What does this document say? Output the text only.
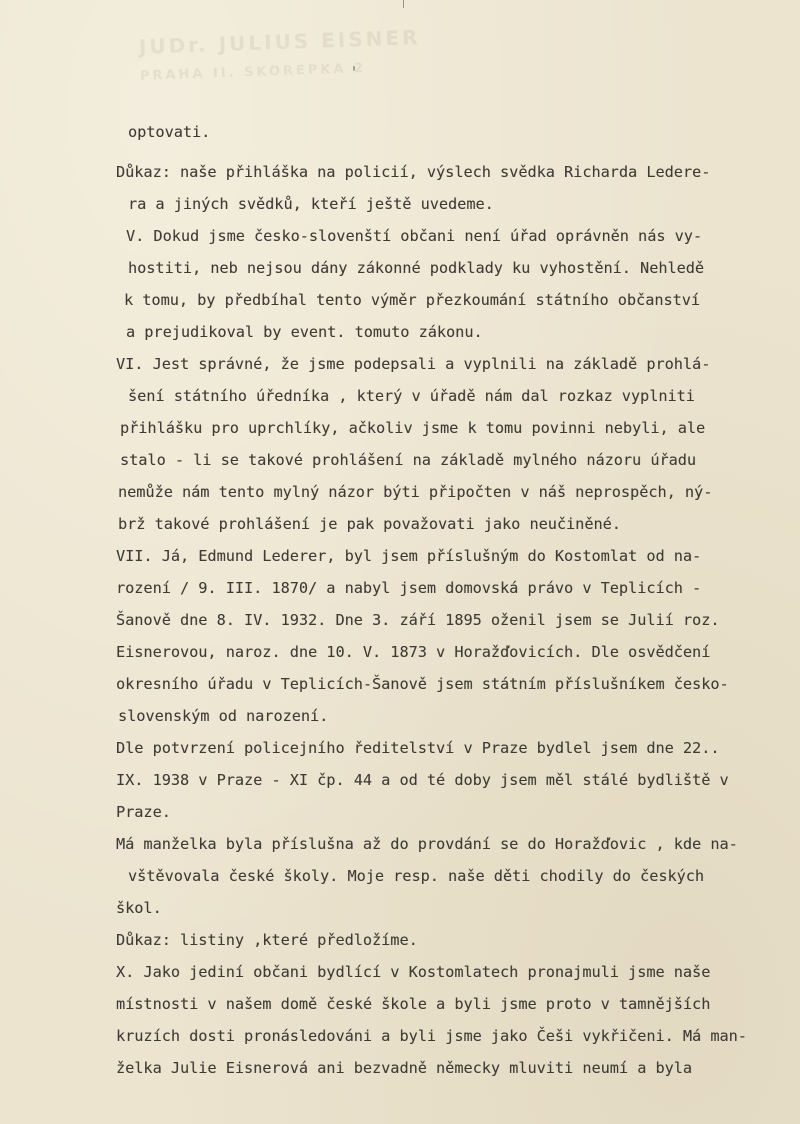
JUDr. JULIUS EISNER
PRAHA II. SKOREPKA 2
optovati.
Důkaz: naše přihláška na policií, výslech svědka Richarda Ledere-
ra a jiných svědků, kteří ještě uvedeme.
V. Dokud jsme česko-slovenští občani není úřad oprávněn nás vy-
hostiti, neb nejsou dány zákonné podklady ku vyhostění. Nehledě
k tomu, by předbíhal tento výměr přezkoumání státního občanství
a prejudikoval by event. tomuto zákonu.
VI. Jest správné, že jsme podepsali a vyplnili na základě prohlá-
šení státního úředníka , který v úřadě nám dal rozkaz vyplniti
přihlášku pro uprchlíky, ačkoliv jsme k tomu povinni nebyli, ale
stalo - li se takové prohlášení na základě mylného názoru úřadu
nemůže nám tento mylný názor býti připočten v náš neprospěch, ný-
brž takové prohlášení je pak považovati jako neučiněné.
VII. Já, Edmund Lederer, byl jsem příslušným do Kostomlat od na-
rození / 9. III. 1870/ a nabyl jsem domovská právo v Teplicích -
Šanově dne 8. IV. 1932. Dne 3. září 1895 oženil jsem se Julií roz.
Eisnerovou, naroz. dne 10. V. 1873 v Horažďovicích. Dle osvědčení
okresního úřadu v Teplicích-Šanově jsem státním příslušníkem česko-
slovenským od narození.
Dle potvrzení policejního ředitelství v Praze bydlel jsem dne 22..
IX. 1938 v Praze - XI čp. 44 a od té doby jsem měl stálé bydliště v
Praze.
Má manželka byla příslušna až do provdání se do Horažďovic , kde na-
vštěvovala české školy. Moje resp. naše děti chodily do českých
škol.
Důkaz: listiny ,které předložíme.
X. Jako jediní občani bydlící v Kostomlatech pronajmuli jsme naše
místnosti v našem domě české škole a byli jsme proto v tamnějších
kruzích dosti pronásledováni a byli jsme jako Češi vykřičeni. Má man-
želka Julie Eisnerová ani bezvadně německy mluviti neumí a byla
